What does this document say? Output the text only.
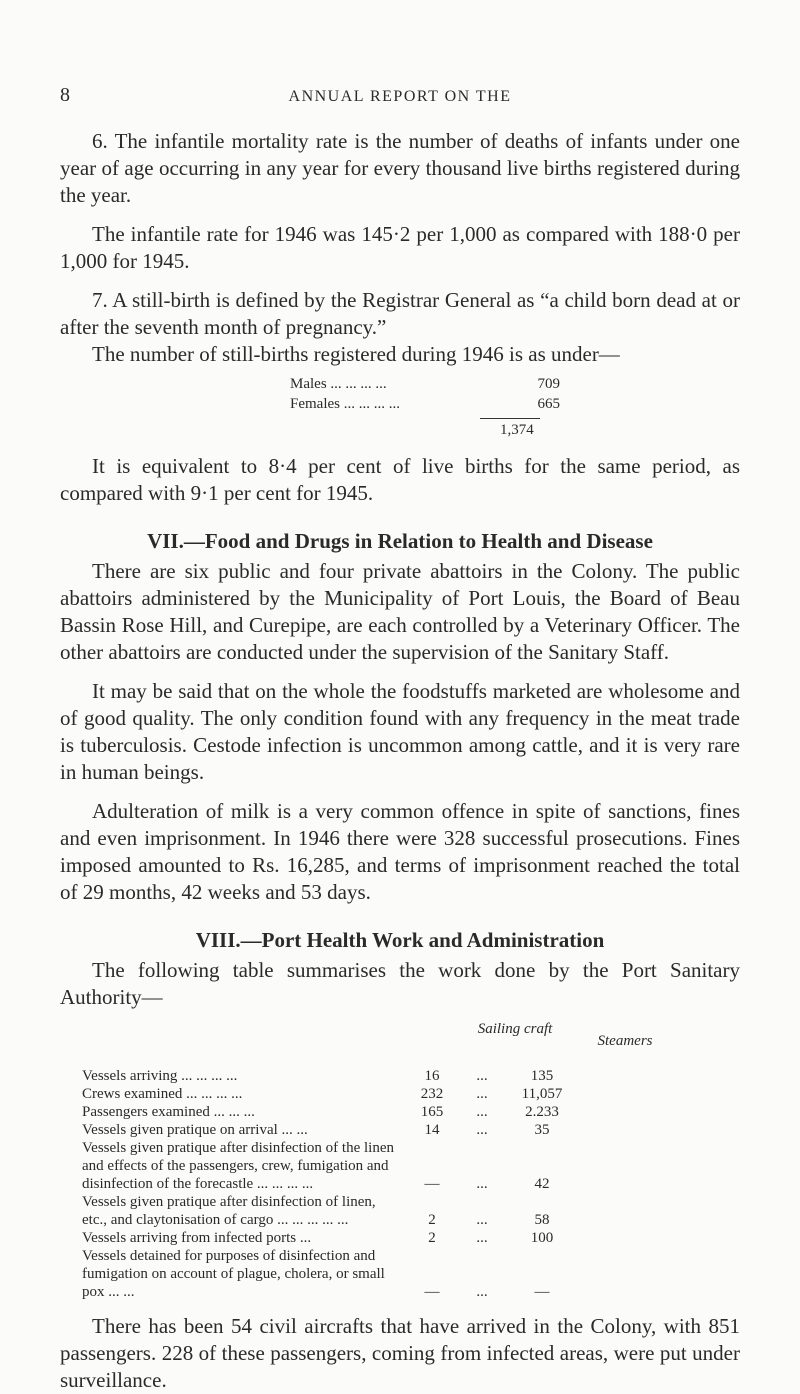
8	ANNUAL REPORT ON THE

6. The infantile mortality rate is the number of deaths of infants under one year of age occurring in any year for every thousand live births registered during the year.

The infantile rate for 1946 was 145·2 per 1,000 as compared with 188·0 per 1,000 for 1945.

7. A still-birth is defined by the Registrar General as “a child born dead at or after the seventh month of pregnancy.”

The number of still-births registered during 1946 is as under—

Males ... ... ... ...	709
Females ... ... ... ...	665
1,374

It is equivalent to 8·4 per cent of live births for the same period, as compared with 9·1 per cent for 1945.

VII.—Food and Drugs in Relation to Health and Disease

There are six public and four private abattoirs in the Colony. The public abattoirs administered by the Municipality of Port Louis, the Board of Beau Bassin Rose Hill, and Curepipe, are each controlled by a Veterinary Officer. The other abattoirs are conducted under the supervision of the Sanitary Staff.

It may be said that on the whole the foodstuffs marketed are wholesome and of good quality. The only condition found with any frequency in the meat trade is tuberculosis. Cestode infection is uncommon among cattle, and it is very rare in human beings.

Adulteration of milk is a very common offence in spite of sanctions, fines and even imprisonment. In 1946 there were 328 successful prosecutions. Fines imposed amounted to Rs. 16,285, and terms of imprisonment reached the total of 29 months, 42 weeks and 53 days.

VIII.—Port Health Work and Administration

The following table summarises the work done by the Port Sanitary Authority—

Sailing craft
Steamers
Vessels arriving ... ... ... ...	16	...	135
Crews examined ... ... ... ...	232	...	11,057
Passengers examined ... ... ...	165	...	2.233
Vessels given pratique on arrival ... ...	14	...	35
Vessels given pratique after disinfection of the linen and effects of the passengers, crew, fumigation and disinfection of the forecastle ... ... ... ...	—	...	42
Vessels given pratique after disinfection of linen, etc., and claytonisation of cargo ... ... ... ... ...	2	...	58
Vessels arriving from infected ports ...	2	...	100
Vessels detained for purposes of disinfection and fumigation on account of plague, cholera, or small pox ... ...	—	...	—

There has been 54 civil aircrafts that have arrived in the Colony, with 851 passengers. 228 of these passengers, coming from infected areas, were put under surveillance.
